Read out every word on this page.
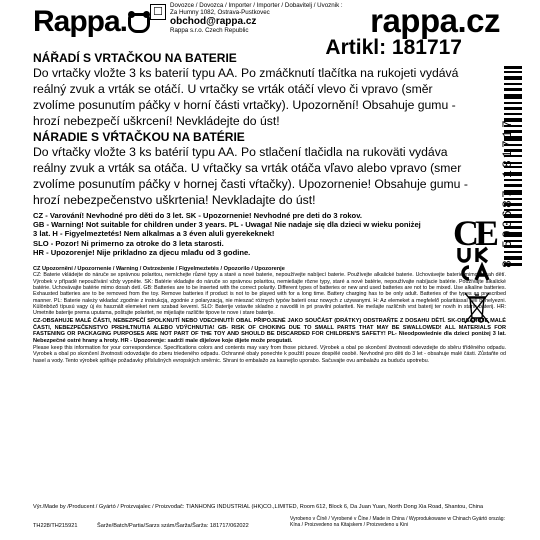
Rappa.	☐
Dovozce / Dovozca / Importer / Importer / Dobavitelj / Uvoznik :
Za Humny 1082, Ostrava-Pustkovec
obchod@rappa.cz
Rappa s.r.o. Czech Republic	rappa.cz
Artikl: 181717
NÁŘADÍ S VRTAČKOU NA BATERIE

Do vrtačky vložte 3 ks baterií typu AA. Po zmáčknutí tlačítka na rukojeti vydává reálný zvuk a vrták se otáčí. U vrtačky se vrták otáčí vlevo či vpravo (směr zvolíme posunutím páčky v horní části vrtačky). Upozornění! Obsahuje gumu - hrozí nebezpečí uškrcení! Nevkládejte do úst!

NÁRADIE S VŔTAČKOU NA BATÉRIE

Do vŕtačky vložte 3 ks batérií typu AA. Po stlačení tlačidla na rukoväti vydáva reálny zvuk a vrták sa otáča. U vŕtačky sa vrták otáča vľavo alebo vpravo (smer zvolíme posunutím páčky v hornej časti vŕtačky). Upozornenie! Obsahuje gumu - hrozí nebezpečenstvo uškrtenia! Nevkladajte do úst!	8 590687 181717
CZ - Varování! Nevhodné pro děti do 3 let. SK - Upozornenie! Nevhodné pre deti do 3 rokov.
GB - Warning! Not suitable for children under 3 years. PL - Uwaga! Nie nadaje się dla dzieci w wieku poniżej 3 lat. H - Figyelmeztetés! Nem alkalmas a 3 éven aluli gyerekeknek!
SLO - Pozor! Ni primerno za otroke do 3 leta starosti.
HR - Upozorenje! Nije prikladno za djecu mlađu od 3 godine.	CE
CZ Upozornění / Upozornenie / Warning / Ostrzeżenie / Figyelmeztetés / Opozorilo / Upozorenje
CZ: Baterie vkládejte do náruče se správnou polaritou, nemíchejte různé typy a staré a nové baterie, nepoužívejte nabíjecí baterie. Používejte alkalické baterie. Uchovávejte baterie mimo dosah dětí. Výrobek v případě nepoužívání vždy vypněte. SK: Batérie vkladajte do náruče so správnou polaritou, nemiešajte rôzne typy, staré a nové batérie, nepoužívajte nabíjacie batérie. Používajte alkalické batérie. Uchovávajte batérie mimo dosah detí. GB: Batteries are to be inserted with the correct polarity. Different types of batteries or new and used batteries are not to be mixed. Use alkaline batteries. Exhausted batteries are to be removed from the toy. Remove batteries if product is not to be played with for a long time. Battery charging has to be only adult. Batteries of the types as prescribed manner. PL: Baterie należy wkładać zgodnie z instrukcją, zgodnie z polaryzacją, nie mieszać różnych typów baterii oraz nowych z używanymi. H: Az elemeket a megfelelő polaritással kell behelyezni. Különböző típusú vagy új és használt elemeket nem szabad keverni. SLO: Baterije vstavite skladno z navodili in pri pravilni polariteti. Ne mešajte različnih vrst baterij ter novih in starih baterij. HR: Umetnite baterije prema uputama, poštujte polaritet, ne miješajte različite tipove te nove i stare baterije.
CZ-OBSAHUJE MALÉ ČÁSTI, NEBEZPEČÍ SPOLKNUTÍ NEBO VDECHNUTÍ! OBAL PŘIPOJENÉ JAKO SOUČÁST (DRÁTKY) ODSTRAŇTE Z DOSAHU DĚTÍ. SK-OBSAHUJE MALÉ ČASTI, NEBEZPEČENSTVO PREHLTNUTIA ALEBO VDÝCHNUTIA! GB- RISK OF CHOKING DUE TO SMALL PARTS THAT MAY BE SWALLOWED! ALL MATERIALS FOR FASTENING OR PACKAGING PURPOSES ARE NOT PART OF THE TOY AND SHOULD BE DISCARDED FOR CHILDREN'S SAFETY! PL- Nieodpowiednie dla dzieci poniżej 3 lat. Nebezpečné ostré hrany a hroty. HR - Upozorenje: sadrži male dijelove koje dijete može progutati.
Please keep this information for your correspondence. Specifications colors and contents may vary from those pictured. Výrobek a obal po skončení životnosti odevzdejte do sběru tříděného odpadu. Vyrobek a obal po skončení životnosti odovzdajte do zberu triedeného odpadu. Ochranné obaly ponechte k použití pouze dospělé osobě. Nevhodné pro děti do 3 let - obsahuje malé části. Zůstaňte od hasel a vody. Tento výrobek splňuje požadavky příslušných evropských směrnic. Shrani to embalažo za kasnejšo uporabo. Sačuvajte ovu ambalažu za buduću upotrebu.
Výr./Made by /Producent / Gyártó / Proizvajalec / Proizvođač: TIANHONG INDUSTRIAL (HK)CO.,LIMITED, Room 612, Block 6, Da Juan Yuan, North Dong Xia Road, Shantou, China
TH228/TH215921	Šarže/Batch/Partia/Sarzs szám/Šarža/Šarža: 181717/062022
Vyrobeno v Číně / Vyrobené v Číne / Made in China / Wyprodukowane w Chinach Gyártó ország: Kína / Proizvedeno na Kitajskem / Proizvedeno u Kini
